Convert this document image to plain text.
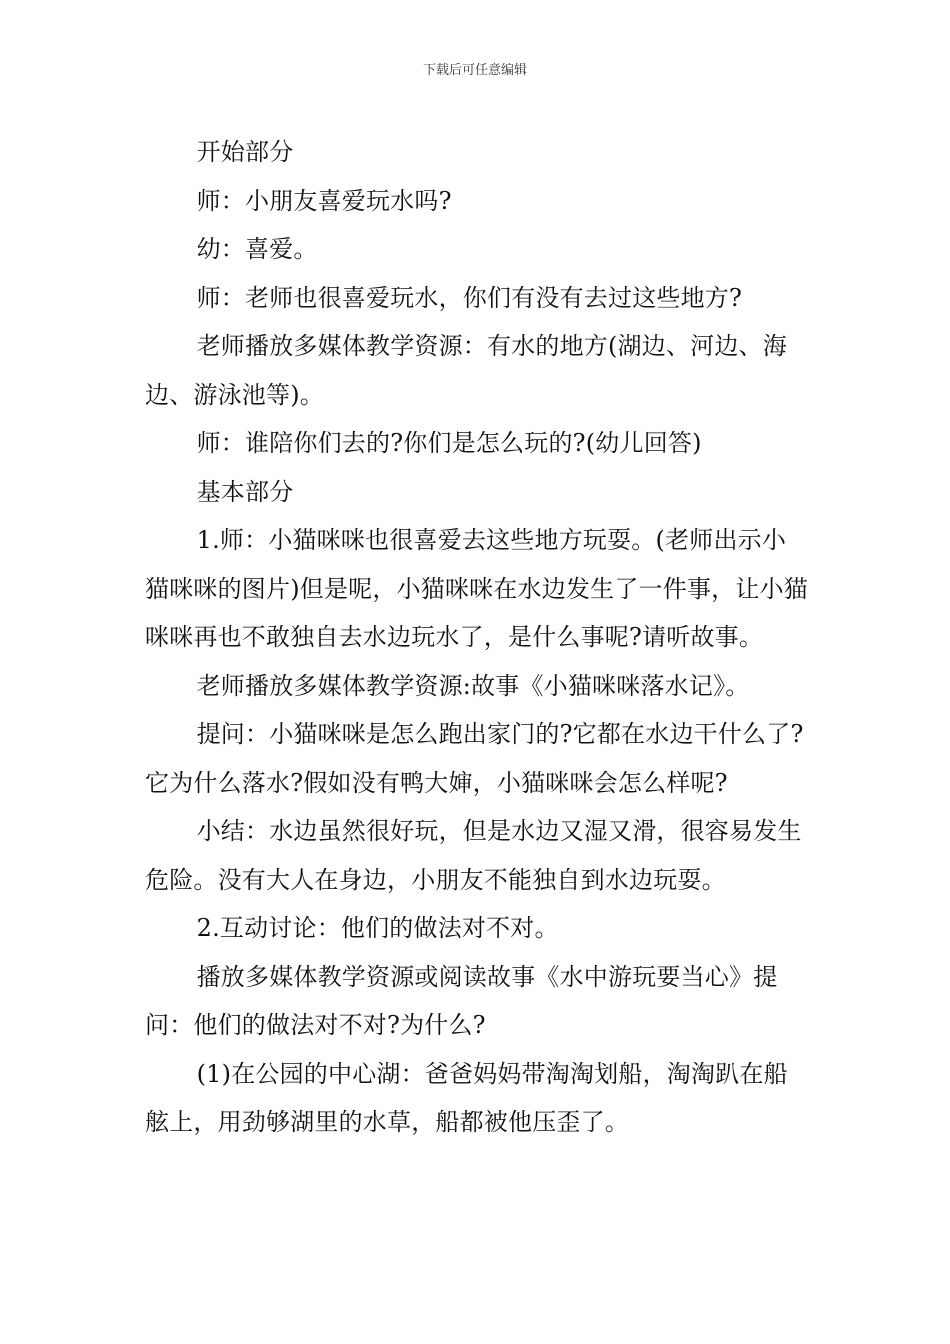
下载后可任意编辑

开始部分

师：小朋友喜爱玩水吗?

幼：喜爱。

师：老师也很喜爱玩水，你们有没有去过这些地方?

老师播放多媒体教学资源：有水的地方(湖边、河边、海边、游泳池等)。

师：谁陪你们去的?你们是怎么玩的?(幼儿回答)

基本部分

1.师：小猫咪咪也很喜爱去这些地方玩耍。(老师出示小猫咪咪的图片)但是呢，小猫咪咪在水边发生了一件事，让小猫咪咪再也不敢独自去水边玩水了，是什么事呢?请听故事。

老师播放多媒体教学资源:故事《小猫咪咪落水记》。

提问：小猫咪咪是怎么跑出家门的?它都在水边干什么了?它为什么落水?假如没有鸭大婶，小猫咪咪会怎么样呢?

小结：水边虽然很好玩，但是水边又湿又滑，很容易发生危险。没有大人在身边，小朋友不能独自到水边玩耍。

2.互动讨论：他们的做法对不对。

播放多媒体教学资源或阅读故事《水中游玩要当心》提问：他们的做法对不对?为什么?

(1)在公园的中心湖：爸爸妈妈带淘淘划船，淘淘趴在船舷上，用劲够湖里的水草，船都被他压歪了。
